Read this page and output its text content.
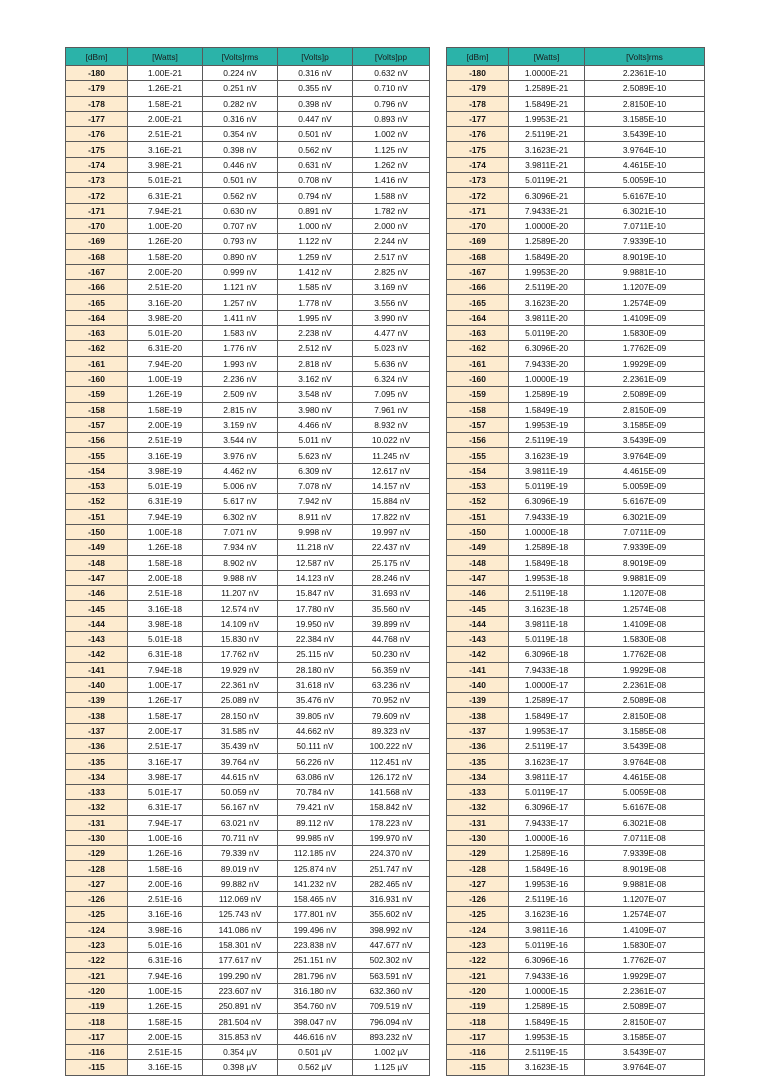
[dBm]	[Watts]	[Volts]rms	[Volts]p	[Volts]pp
-180	1.00E-21	0.224 nV	0.316 nV	0.632 nV
-179	1.26E-21	0.251 nV	0.355 nV	0.710 nV
-178	1.58E-21	0.282 nV	0.398 nV	0.796 nV
-177	2.00E-21	0.316 nV	0.447 nV	0.893 nV
-176	2.51E-21	0.354 nV	0.501 nV	1.002 nV
-175	3.16E-21	0.398 nV	0.562 nV	1.125 nV
-174	3.98E-21	0.446 nV	0.631 nV	1.262 nV
-173	5.01E-21	0.501 nV	0.708 nV	1.416 nV
-172	6.31E-21	0.562 nV	0.794 nV	1.588 nV
-171	7.94E-21	0.630 nV	0.891 nV	1.782 nV
-170	1.00E-20	0.707 nV	1.000 nV	2.000 nV
-169	1.26E-20	0.793 nV	1.122 nV	2.244 nV
-168	1.58E-20	0.890 nV	1.259 nV	2.517 nV
-167	2.00E-20	0.999 nV	1.412 nV	2.825 nV
-166	2.51E-20	1.121 nV	1.585 nV	3.169 nV
-165	3.16E-20	1.257 nV	1.778 nV	3.556 nV
-164	3.98E-20	1.411 nV	1.995 nV	3.990 nV
-163	5.01E-20	1.583 nV	2.238 nV	4.477 nV
-162	6.31E-20	1.776 nV	2.512 nV	5.023 nV
-161	7.94E-20	1.993 nV	2.818 nV	5.636 nV
-160	1.00E-19	2.236 nV	3.162 nV	6.324 nV
-159	1.26E-19	2.509 nV	3.548 nV	7.095 nV
-158	1.58E-19	2.815 nV	3.980 nV	7.961 nV
-157	2.00E-19	3.159 nV	4.466 nV	8.932 nV
-156	2.51E-19	3.544 nV	5.011 nV	10.022 nV
-155	3.16E-19	3.976 nV	5.623 nV	11.245 nV
-154	3.98E-19	4.462 nV	6.309 nV	12.617 nV
-153	5.01E-19	5.006 nV	7.078 nV	14.157 nV
-152	6.31E-19	5.617 nV	7.942 nV	15.884 nV
-151	7.94E-19	6.302 nV	8.911 nV	17.822 nV
-150	1.00E-18	7.071 nV	9.998 nV	19.997 nV
-149	1.26E-18	7.934 nV	11.218 nV	22.437 nV
-148	1.58E-18	8.902 nV	12.587 nV	25.175 nV
-147	2.00E-18	9.988 nV	14.123 nV	28.246 nV
-146	2.51E-18	11.207 nV	15.847 nV	31.693 nV
-145	3.16E-18	12.574 nV	17.780 nV	35.560 nV
-144	3.98E-18	14.109 nV	19.950 nV	39.899 nV
-143	5.01E-18	15.830 nV	22.384 nV	44.768 nV
-142	6.31E-18	17.762 nV	25.115 nV	50.230 nV
-141	7.94E-18	19.929 nV	28.180 nV	56.359 nV
-140	1.00E-17	22.361 nV	31.618 nV	63.236 nV
-139	1.26E-17	25.089 nV	35.476 nV	70.952 nV
-138	1.58E-17	28.150 nV	39.805 nV	79.609 nV
-137	2.00E-17	31.585 nV	44.662 nV	89.323 nV
-136	2.51E-17	35.439 nV	50.111 nV	100.222 nV
-135	3.16E-17	39.764 nV	56.226 nV	112.451 nV
-134	3.98E-17	44.615 nV	63.086 nV	126.172 nV
-133	5.01E-17	50.059 nV	70.784 nV	141.568 nV
-132	6.31E-17	56.167 nV	79.421 nV	158.842 nV
-131	7.94E-17	63.021 nV	89.112 nV	178.223 nV
-130	1.00E-16	70.711 nV	99.985 nV	199.970 nV
-129	1.26E-16	79.339 nV	112.185 nV	224.370 nV
-128	1.58E-16	89.019 nV	125.874 nV	251.747 nV
-127	2.00E-16	99.882 nV	141.232 nV	282.465 nV
-126	2.51E-16	112.069 nV	158.465 nV	316.931 nV
-125	3.16E-16	125.743 nV	177.801 nV	355.602 nV
-124	3.98E-16	141.086 nV	199.496 nV	398.992 nV
-123	5.01E-16	158.301 nV	223.838 nV	447.677 nV
-122	6.31E-16	177.617 nV	251.151 nV	502.302 nV
-121	7.94E-16	199.290 nV	281.796 nV	563.591 nV
-120	1.00E-15	223.607 nV	316.180 nV	632.360 nV
-119	1.26E-15	250.891 nV	354.760 nV	709.519 nV
-118	1.58E-15	281.504 nV	398.047 nV	796.094 nV
-117	2.00E-15	315.853 nV	446.616 nV	893.232 nV
-116	2.51E-15	0.354 µV	0.501 µV	1.002 µV
-115	3.16E-15	0.398 µV	0.562 µV	1.125 µV
[dBm]	[Watts]	[Volts]rms
-180	1.0000E-21	2.2361E-10
-179	1.2589E-21	2.5089E-10
-178	1.5849E-21	2.8150E-10
-177	1.9953E-21	3.1585E-10
-176	2.5119E-21	3.5439E-10
-175	3.1623E-21	3.9764E-10
-174	3.9811E-21	4.4615E-10
-173	5.0119E-21	5.0059E-10
-172	6.3096E-21	5.6167E-10
-171	7.9433E-21	6.3021E-10
-170	1.0000E-20	7.0711E-10
-169	1.2589E-20	7.9339E-10
-168	1.5849E-20	8.9019E-10
-167	1.9953E-20	9.9881E-10
-166	2.5119E-20	1.1207E-09
-165	3.1623E-20	1.2574E-09
-164	3.9811E-20	1.4109E-09
-163	5.0119E-20	1.5830E-09
-162	6.3096E-20	1.7762E-09
-161	7.9433E-20	1.9929E-09
-160	1.0000E-19	2.2361E-09
-159	1.2589E-19	2.5089E-09
-158	1.5849E-19	2.8150E-09
-157	1.9953E-19	3.1585E-09
-156	2.5119E-19	3.5439E-09
-155	3.1623E-19	3.9764E-09
-154	3.9811E-19	4.4615E-09
-153	5.0119E-19	5.0059E-09
-152	6.3096E-19	5.6167E-09
-151	7.9433E-19	6.3021E-09
-150	1.0000E-18	7.0711E-09
-149	1.2589E-18	7.9339E-09
-148	1.5849E-18	8.9019E-09
-147	1.9953E-18	9.9881E-09
-146	2.5119E-18	1.1207E-08
-145	3.1623E-18	1.2574E-08
-144	3.9811E-18	1.4109E-08
-143	5.0119E-18	1.5830E-08
-142	6.3096E-18	1.7762E-08
-141	7.9433E-18	1.9929E-08
-140	1.0000E-17	2.2361E-08
-139	1.2589E-17	2.5089E-08
-138	1.5849E-17	2.8150E-08
-137	1.9953E-17	3.1585E-08
-136	2.5119E-17	3.5439E-08
-135	3.1623E-17	3.9764E-08
-134	3.9811E-17	4.4615E-08
-133	5.0119E-17	5.0059E-08
-132	6.3096E-17	5.6167E-08
-131	7.9433E-17	6.3021E-08
-130	1.0000E-16	7.0711E-08
-129	1.2589E-16	7.9339E-08
-128	1.5849E-16	8.9019E-08
-127	1.9953E-16	9.9881E-08
-126	2.5119E-16	1.1207E-07
-125	3.1623E-16	1.2574E-07
-124	3.9811E-16	1.4109E-07
-123	5.0119E-16	1.5830E-07
-122	6.3096E-16	1.7762E-07
-121	7.9433E-16	1.9929E-07
-120	1.0000E-15	2.2361E-07
-119	1.2589E-15	2.5089E-07
-118	1.5849E-15	2.8150E-07
-117	1.9953E-15	3.1585E-07
-116	2.5119E-15	3.5439E-07
-115	3.1623E-15	3.9764E-07
